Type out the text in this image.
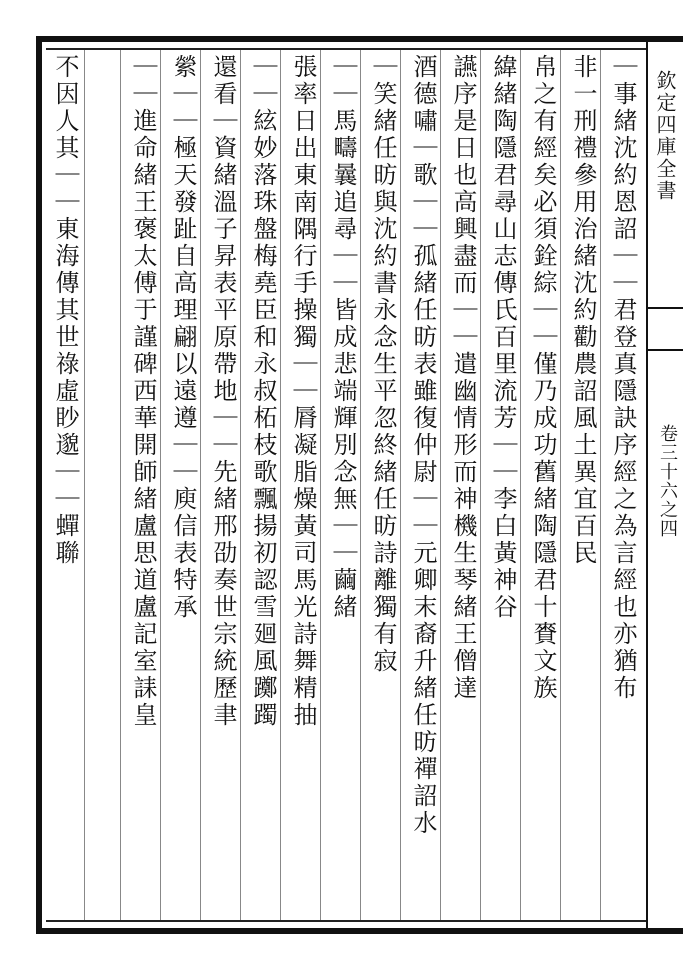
欽定四庫全書
卷三十六之四
｜事緒沈約恩詔｜｜君登真隱訣序經之為言經也亦猶布
非一刑禮參用治緒沈約勸農詔風土異宜百民
帛之有經矣必須銓綜｜｜僅乃成功舊緒陶隱君十賚文族
緯緒陶隱君尋山志傳氏百里流芳｜｜李白黃神谷
讌序是日也高興盡而｜｜遣幽情形而神機生琴緒王僧達
酒德嘯｜歌｜｜孤緒任昉表雖復仲尉｜｜元卿末裔升緒任昉禪詔水
｜笑緒任昉與沈約書永念生平忽終緒任昉詩離獨有寂
｜｜馬疇曩追尋｜｜皆成悲端輝別念無｜｜繭緒
張率日出東南隅行手操獨｜｜脣凝脂燥黃司馬光詩舞精抽
｜｜絃妙落珠盤梅堯臣和永叔柘枝歌飄揚初認雪廻風躑躅
還看｜資緒溫子昇表平原帶地｜｜先緒邢劭奏世宗統歷聿
縈｜｜極天發趾自高理翩以遠遵｜｜庾信表特承
｜｜進命緒王褒太傅于謹碑西華開師緒盧思道盧記室誄皇
不因人其｜｜東海傳其世祿虛眇邈｜｜蟬聯
